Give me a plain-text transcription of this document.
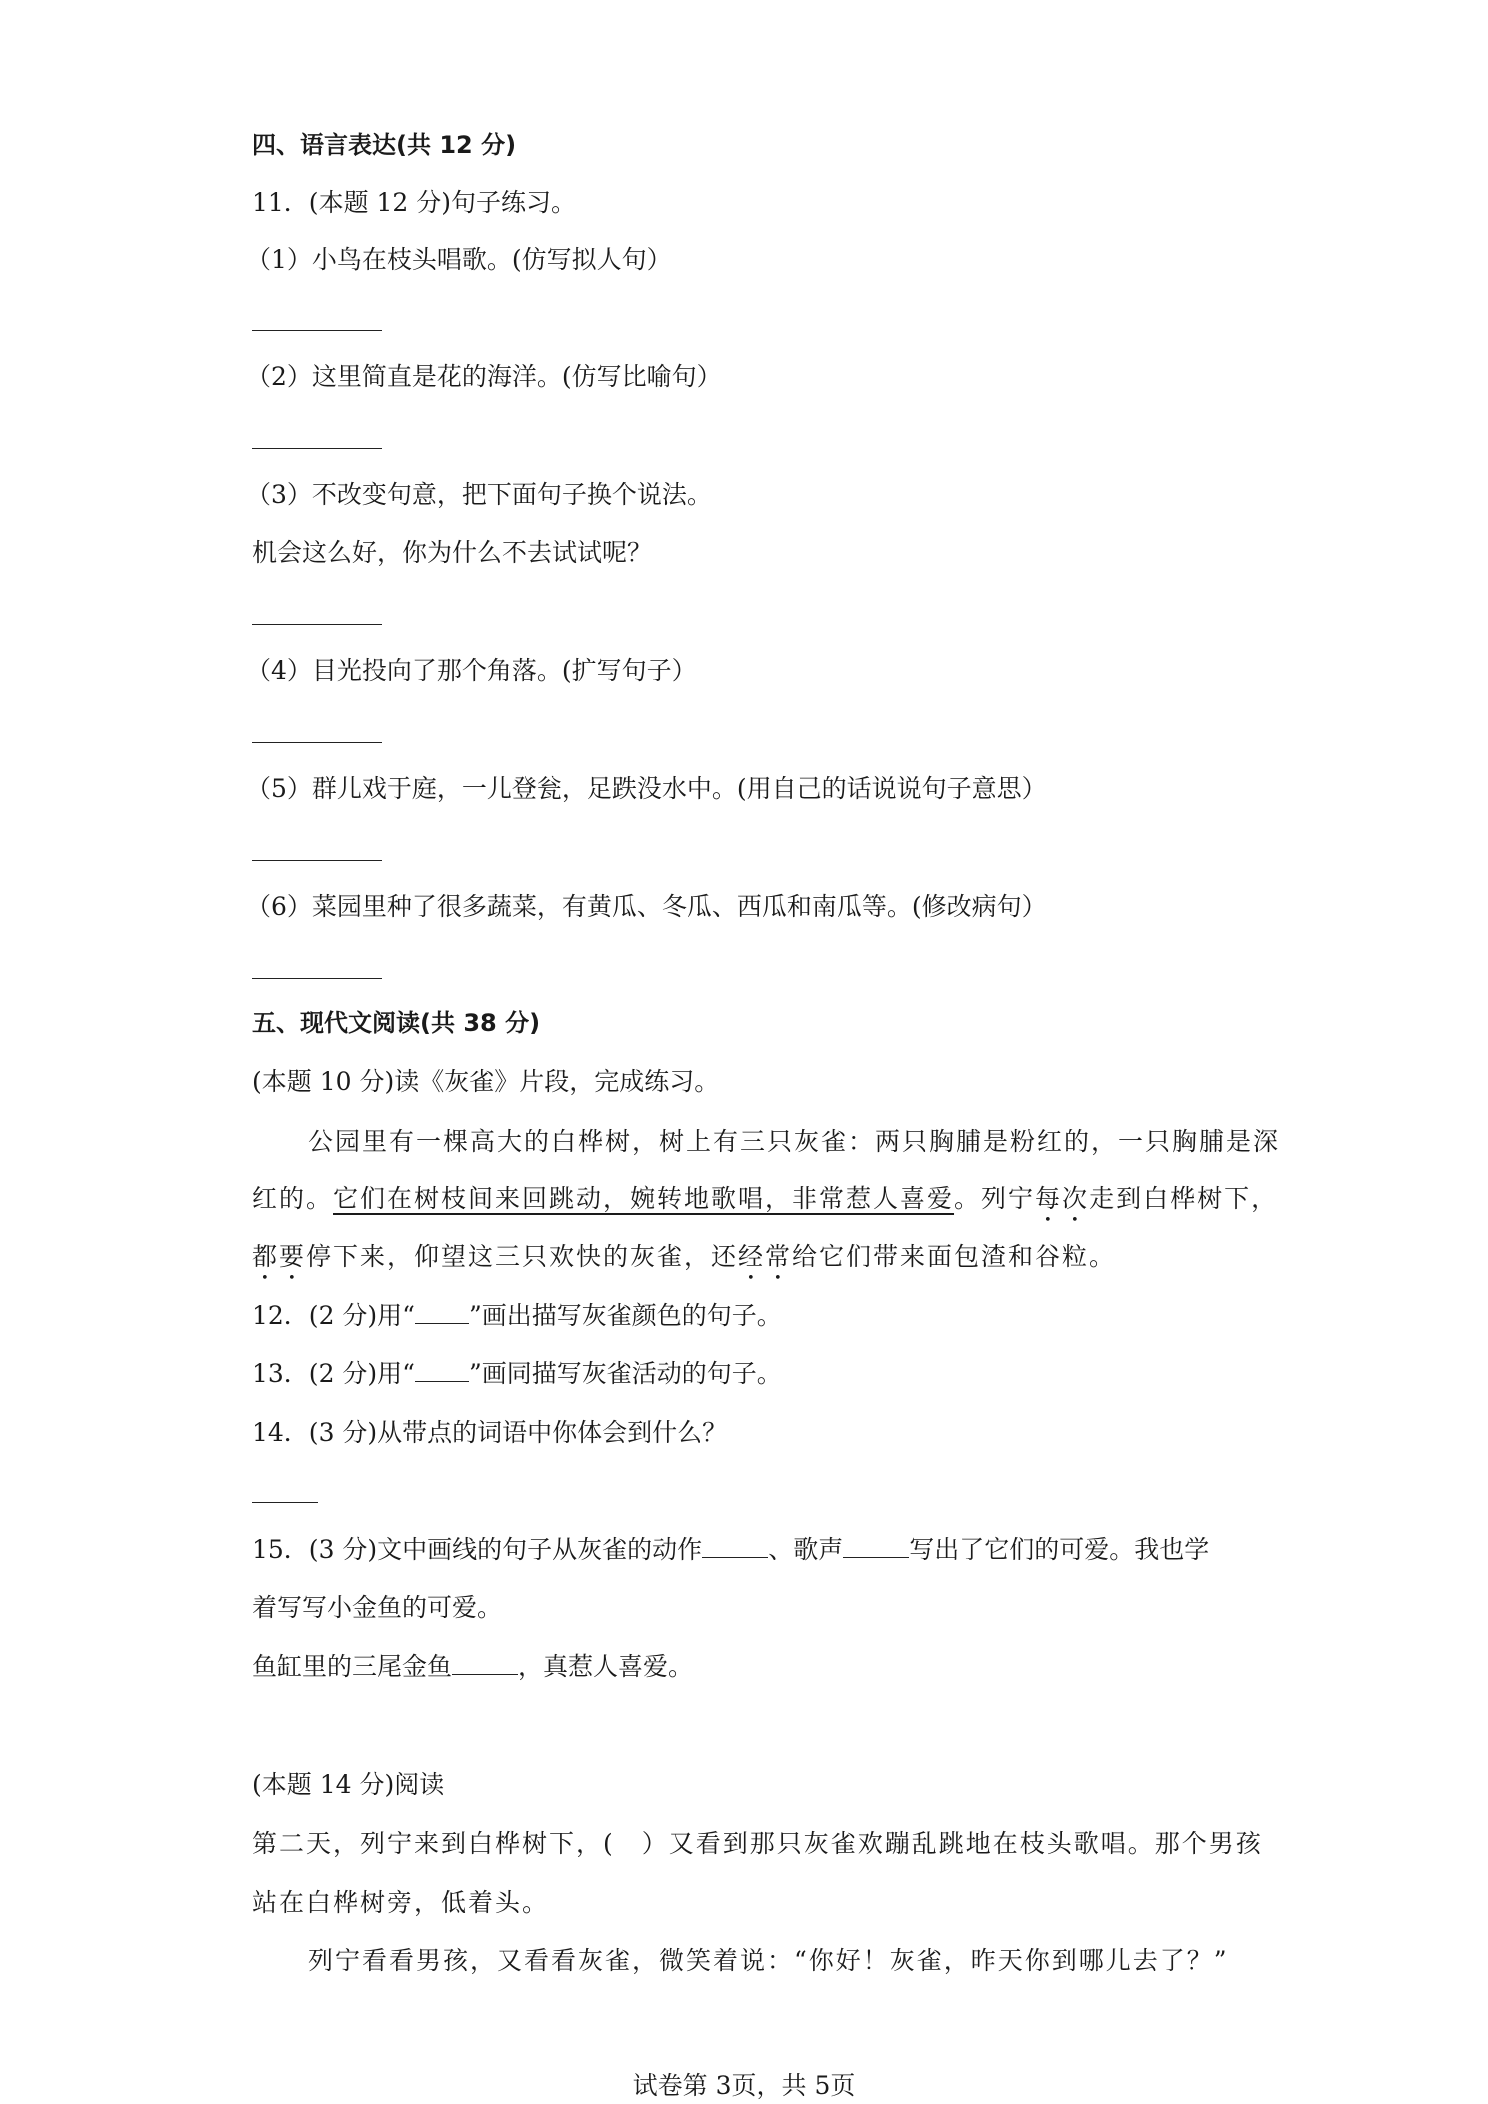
四、语言表达(共 12 分)
11．(本题 12 分)句子练习。
（1）小鸟在枝头唱歌。(仿写拟人句）
（2）这里简直是花的海洋。(仿写比喻句）
（3）不改变句意，把下面句子换个说法。
机会这么好，你为什么不去试试呢？
（4）目光投向了那个角落。(扩写句子）
（5）群儿戏于庭，一儿登瓮，足跌没水中。(用自己的话说说句子意思）
（6）菜园里种了很多蔬菜，有黄瓜、冬瓜、西瓜和南瓜等。(修改病句）
五、现代文阅读(共 38 分)
(本题 10 分)读《灰雀》片段，完成练习。
公园里有一棵高大的白桦树，树上有三只灰雀：两只胸脯是粉红的，一只胸脯是深
红的。它们在树枝间来回跳动，婉转地歌唱，非常惹人喜爱。列宁每次走到白桦树下，
都要停下来，仰望这三只欢快的灰雀，还经常给它们带来面包渣和谷粒。
12．(2 分)用“ ”画出描写灰雀颜色的句子。
13．(2 分)用“ ”画同描写灰雀活动的句子。
14．(3 分)从带点的词语中你体会到什么？
15．(3 分)文中画线的句子从灰雀的动作	、歌声	写出了它们的可爱。我也学
着写写小金鱼的可爱。
鱼缸里的三尾金鱼	，真惹人喜爱。
(本题 14 分)阅读
第二天，列宁来到白桦树下，(　）又看到那只灰雀欢蹦乱跳地在枝头歌唱。那个男孩
站在白桦树旁，低着头。
列宁看看男孩，又看看灰雀，微笑着说：“你好！灰雀，昨天你到哪儿去了？”
试卷第 3页，共 5页
